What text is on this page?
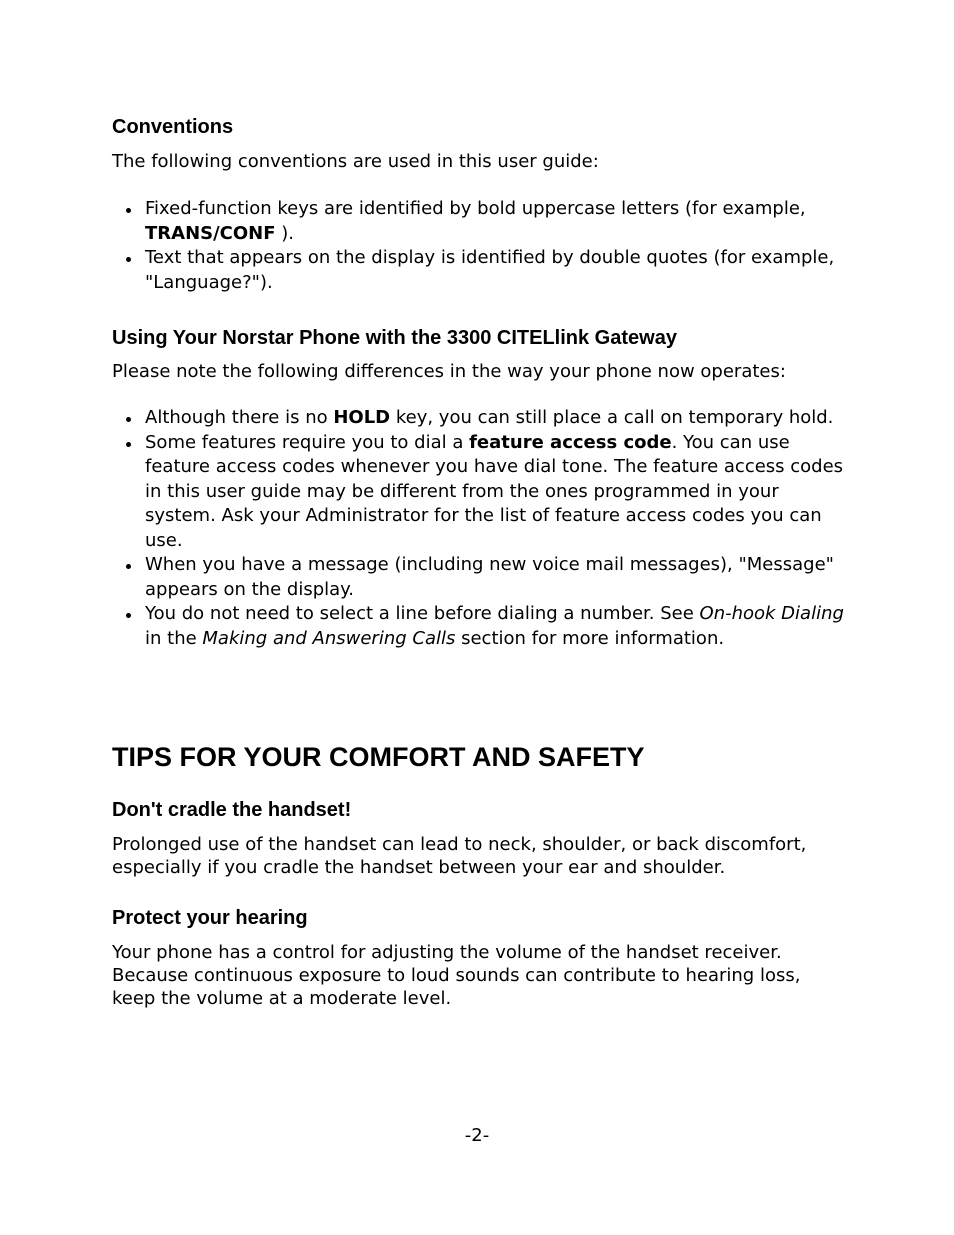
Conventions

The following conventions are used in this user guide:

Fixed-function keys are identified by bold uppercase letters (for example, TRANS/CONF ).
Text that appears on the display is identified by double quotes (for example, "Language?").
Using Your Norstar Phone with the 3300 CITELlink Gateway

Please note the following differences in the way your phone now operates:

Although there is no HOLD key, you can still place a call on temporary hold.
Some features require you to dial a feature access code. You can use feature access codes whenever you have dial tone. The feature access codes in this user guide may be different from the ones programmed in your system. Ask your Administrator for the list of feature access codes you can use.
When you have a message (including new voice mail messages), "Message" appears on the display.
You do not need to select a line before dialing a number. See On-hook Dialing in the Making and Answering Calls section for more information.
TIPS FOR YOUR COMFORT AND SAFETY
Don't cradle the handset!

Prolonged use of the handset can lead to neck, shoulder, or back discomfort, especially if you cradle the handset between your ear and shoulder.

Protect your hearing

Your phone has a control for adjusting the volume of the handset receiver. Because continuous exposure to loud sounds can contribute to hearing loss, keep the volume at a moderate level.

-2-
